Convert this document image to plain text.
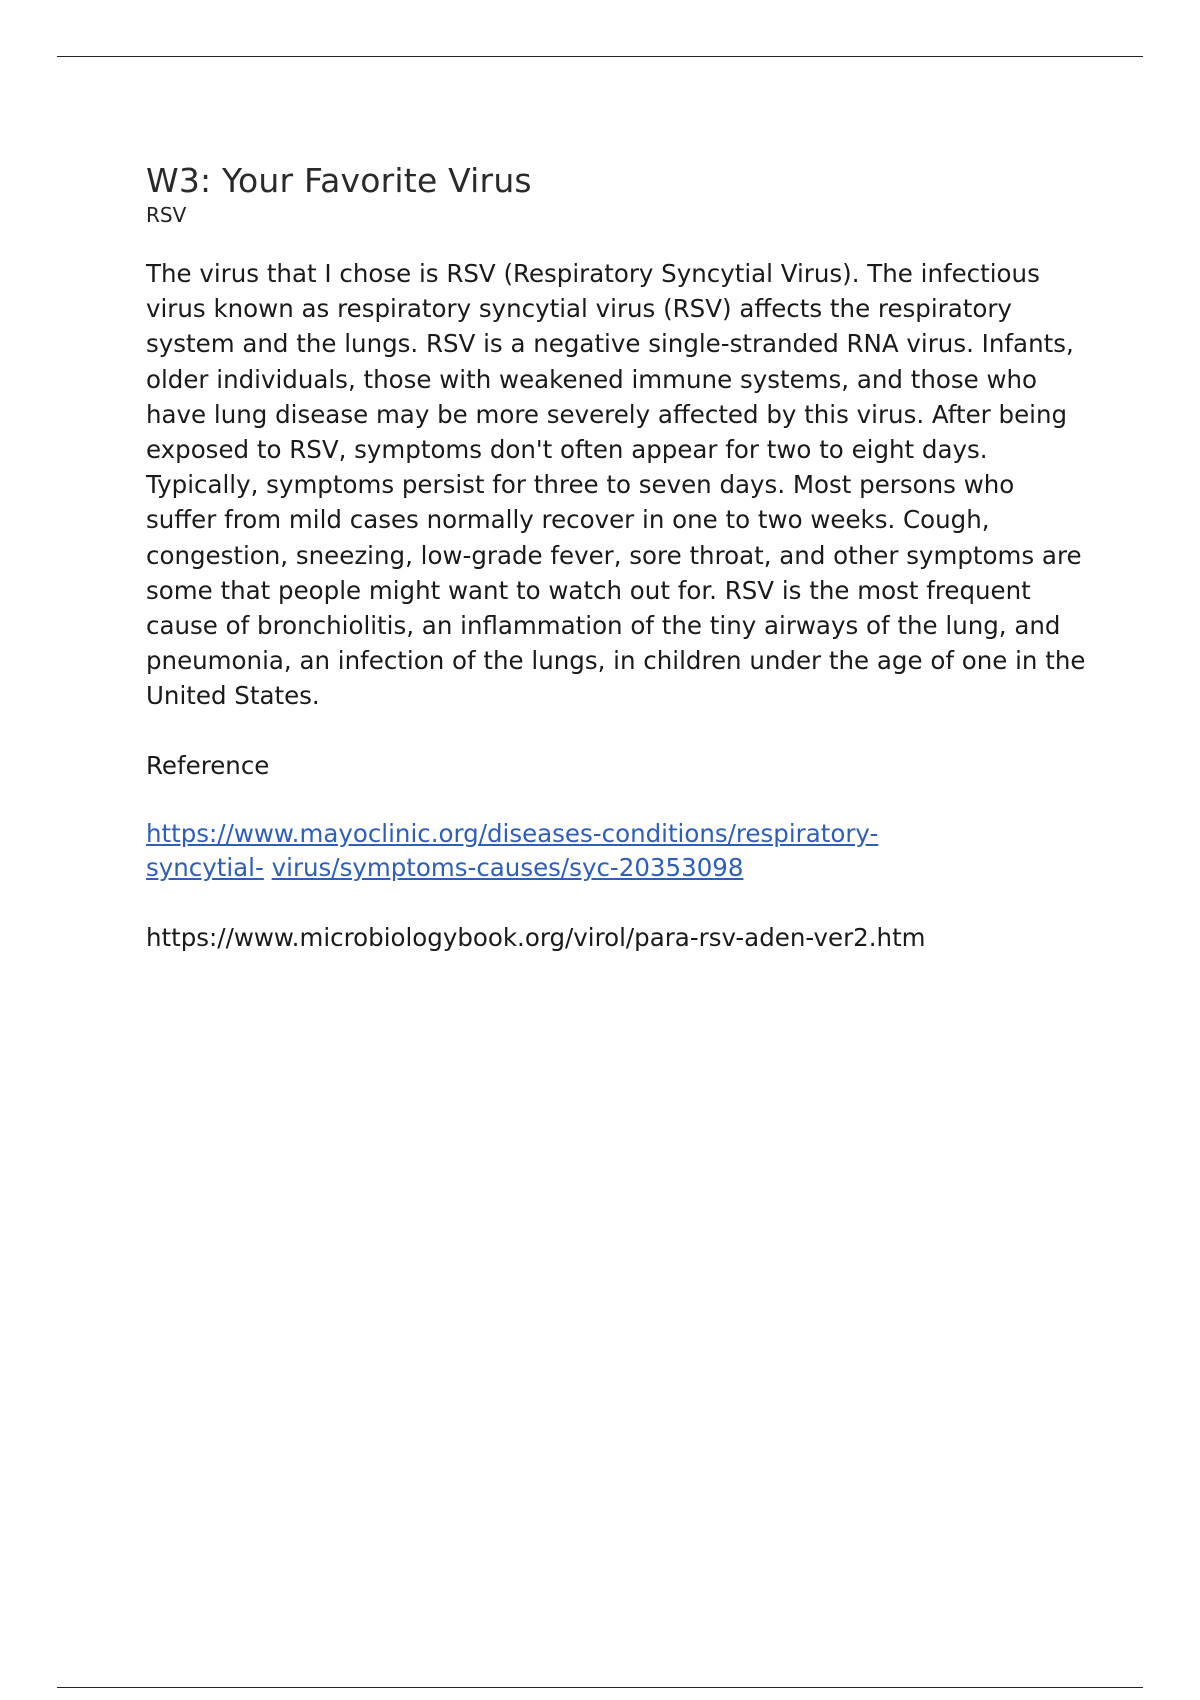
W3: Your Favorite Virus

RSV

The virus that I chose is RSV (Respiratory Syncytial Virus). The infectious virus known as respiratory syncytial virus (RSV) affects the respiratory system and the lungs. RSV is a negative single-stranded RNA virus. Infants, older individuals, those with weakened immune systems, and those who have lung disease may be more severely affected by this virus. After being exposed to RSV, symptoms don't often appear for two to eight days. Typically, symptoms persist for three to seven days. Most persons who suffer from mild cases normally recover in one to two weeks. Cough, congestion, sneezing, low-grade fever, sore throat, and other symptoms are some that people might want to watch out for. RSV is the most frequent cause of bronchiolitis, an inflammation of the tiny airways of the lung, and pneumonia, an infection of the lungs, in children under the age of one in the United States.

Reference

https://www.mayoclinic.org/diseases-conditions/respiratory-
syncytial- virus/symptoms-causes/syc-20353098

https://www.microbiologybook.org/virol/para-rsv-aden-ver2.htm
